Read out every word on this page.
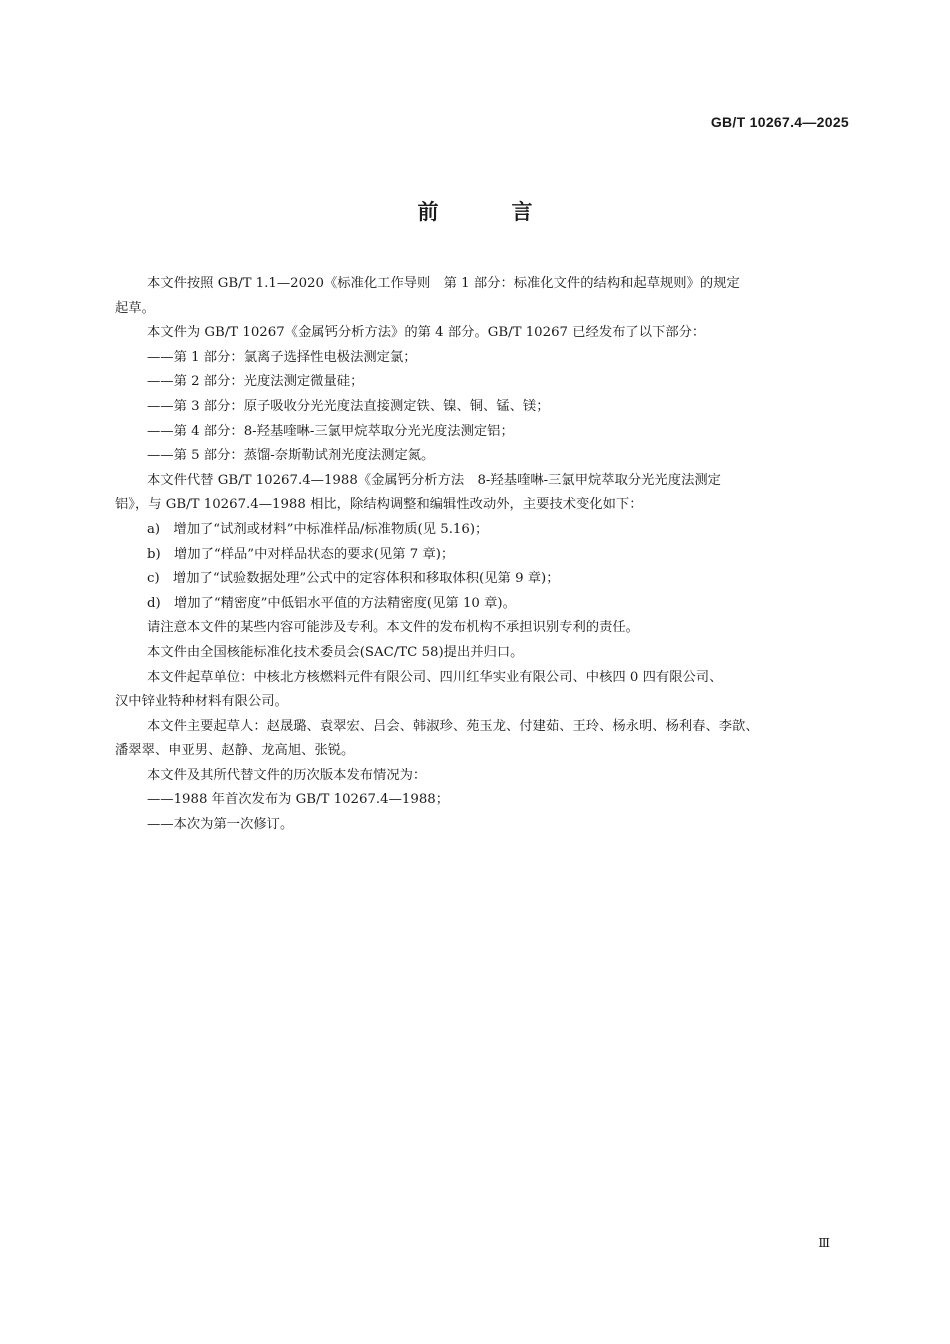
GB/T 10267.4—2025
前　言

本文件按照 GB/T 1.1—2020《标准化工作导则　第 1 部分：标准化文件的结构和起草规则》的规定

起草。

本文件为 GB/T 10267《金属钙分析方法》的第 4 部分。GB/T 10267 已经发布了以下部分：

——第 1 部分：氯离子选择性电极法测定氯；

——第 2 部分：光度法测定微量硅；

——第 3 部分：原子吸收分光光度法直接测定铁、镍、铜、锰、镁；

——第 4 部分：8-羟基喹啉-三氯甲烷萃取分光光度法测定铝；

——第 5 部分：蒸馏-奈斯勒试剂光度法测定氮。

本文件代替 GB/T 10267.4—1988《金属钙分析方法　8-羟基喹啉-三氯甲烷萃取分光光度法测定

铝》，与 GB/T 10267.4—1988 相比，除结构调整和编辑性改动外，主要技术变化如下：

a)　增加了“试剂或材料”中标准样品/标准物质(见 5.16)；

b)　增加了“样品”中对样品状态的要求(见第 7 章)；

c)　增加了“试验数据处理”公式中的定容体积和移取体积(见第 9 章)；

d)　增加了“精密度”中低铝水平值的方法精密度(见第 10 章)。

请注意本文件的某些内容可能涉及专利。本文件的发布机构不承担识别专利的责任。

本文件由全国核能标准化技术委员会(SAC/TC 58)提出并归口。

本文件起草单位：中核北方核燃料元件有限公司、四川红华实业有限公司、中核四 0 四有限公司、

汉中锌业特种材料有限公司。

本文件主要起草人：赵晟璐、袁翠宏、吕会、韩淑珍、苑玉龙、付建茹、王玲、杨永明、杨利春、李歆、

潘翠翠、申亚男、赵静、龙高旭、张锐。

本文件及其所代替文件的历次版本发布情况为：

——1988 年首次发布为 GB/T 10267.4—1988；

——本次为第一次修订。

Ⅲ
